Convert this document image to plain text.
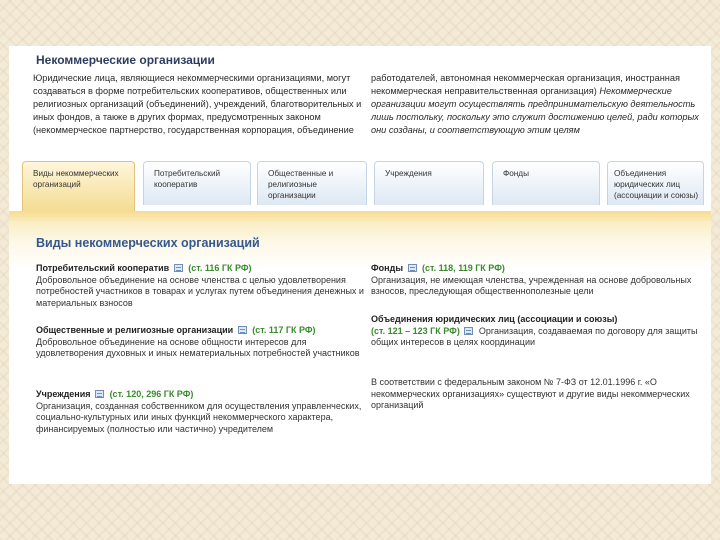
Некоммерческие организации
Юридические лица, являющиеся некоммерческими организациями, могут создаваться в форме потребительских кооперативов, общественных или религиозных организаций (объединений), учреждений, благотворительных и иных фондов, а также в других формах, предусмотренных законом (некоммерческое партнерство, государственная корпорация, объединение
работодателей, автономная некоммерческая организация, иностранная некоммерческая неправительственная организация) Некоммерческие организации могут осуществлять предпринимательскую деятельность лишь постольку, поскольку это служит достижению целей, ради которых они созданы, и соответствующую этим целям
Виды некоммерческих организаций
Потребительский кооператив
Общественные и религиозные организации
Учреждения	Фонды	Объединения юридических лиц (ассоциации и союзы)
Виды некоммерческих организаций
Потребительский кооператив (ст. 116 ГК РФ)
Добровольное объединение на основе членства с целью удовлетворения потребностей участников в товарах и услугах путем объединения денежных и материальных взносов
Общественные и религиозные организации (ст. 117 ГК РФ)
Добровольное объединение на основе общности интересов для удовлетворения духовных и иных нематериальных потребностей участников
Учреждения (ст. 120, 296 ГК РФ)
Организация, созданная собственником для осуществления управленческих, социально-культурных или иных функций некоммерческого характера, финансируемых (полностью или частично) учредителем
Фонды (ст. 118, 119 ГК РФ)
Организация, не имеющая членства, учрежденная на основе добровольных взносов, преследующая общественнополезные цели
Объединения юридических лиц (ассоциации и союзы)
(ст. 121 – 123 ГК РФ) Организация, создаваемая по договору для защиты общих интересов в целях координации
В соответствии с федеральным законом № 7-ФЗ от 12.01.1996 г. «О некоммерческих организациях» существуют и другие виды некоммерческих организаций
